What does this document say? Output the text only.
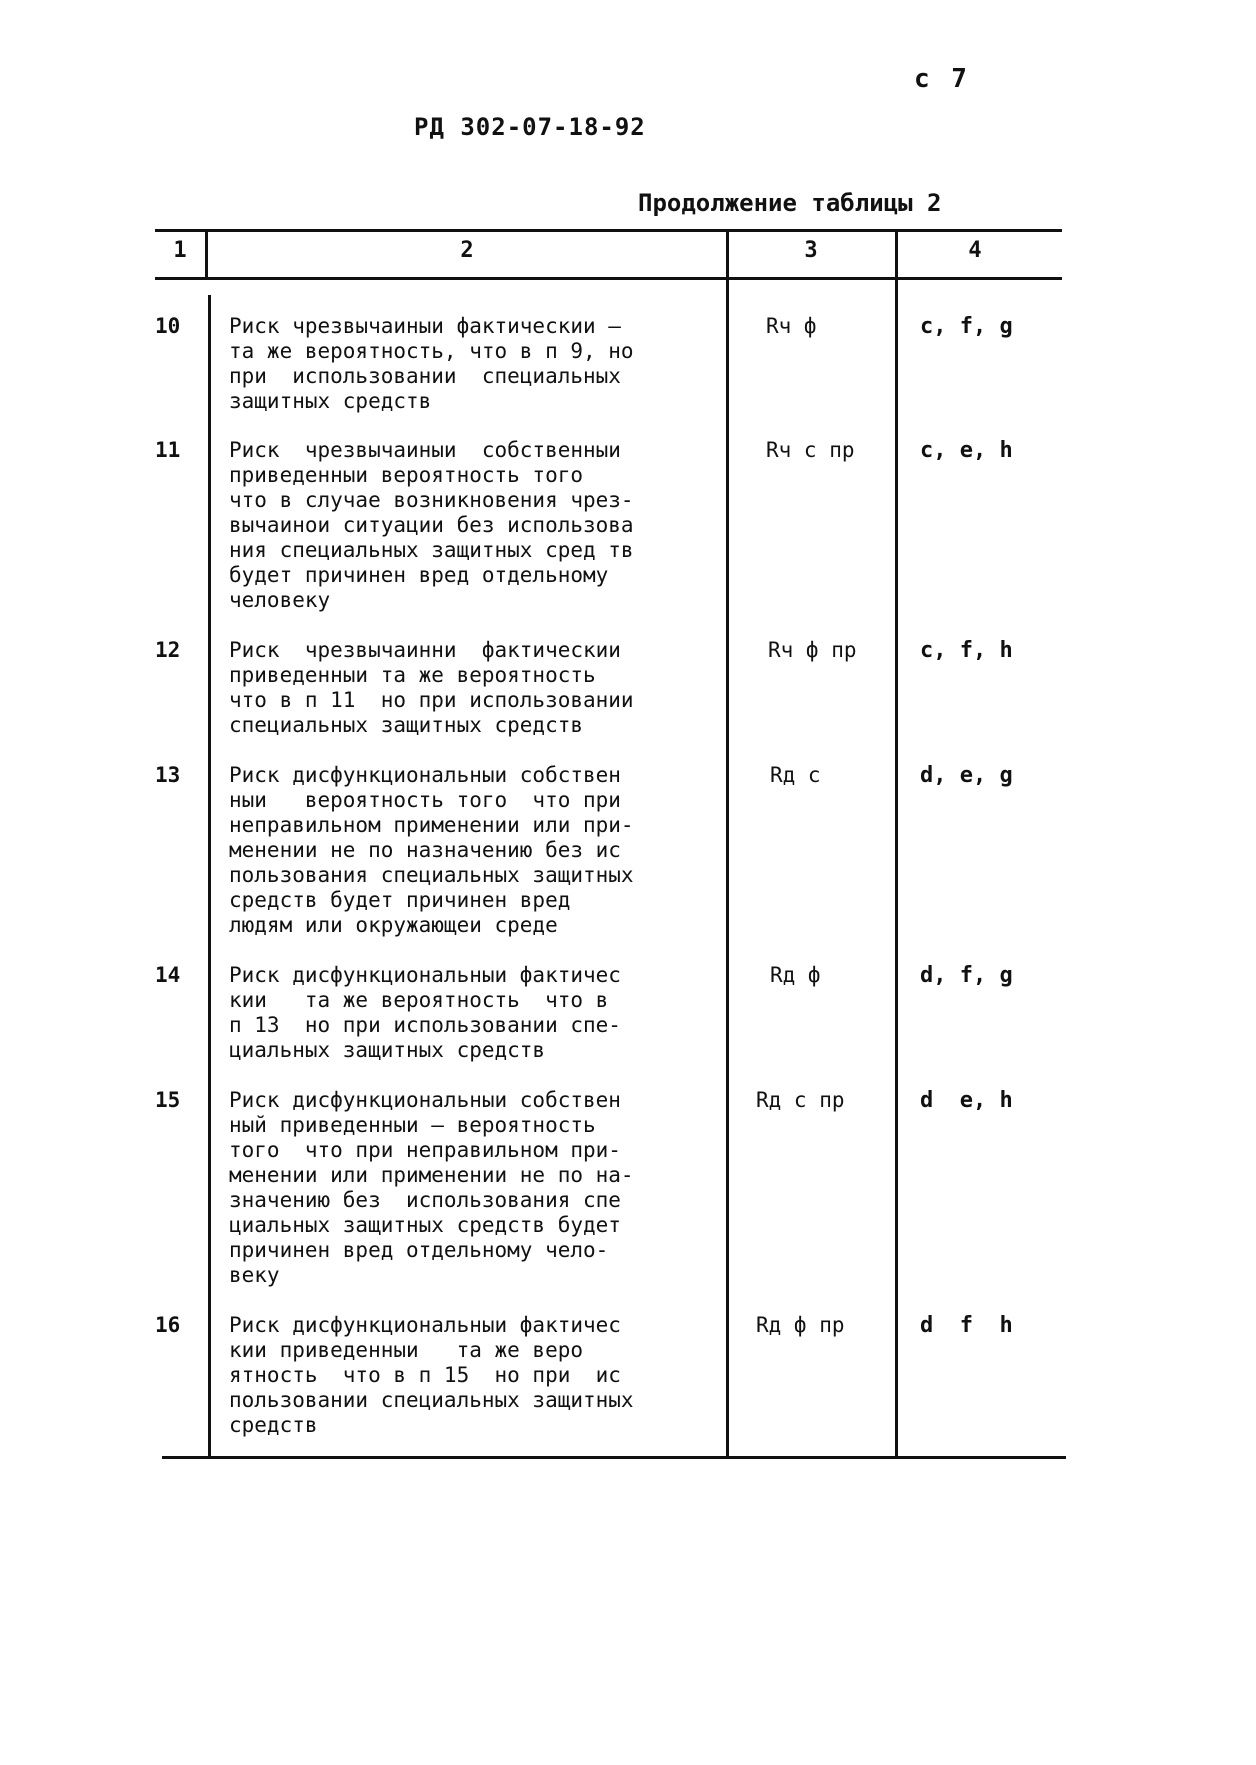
с 7
РД 302-07-18-92
Продолжение таблицы 2
1	2	3	4
10	Риск чрезвычаиныи фактическии –
та же вероятность, что в п 9, но
при  использовании  специальных
защитных средств
Rч ф	c, f, g
11	Риск  чрезвычаиныи  собственныи
приведенныи вероятность того
что в случае возникновения чрез-
вычаинои ситуации без использова
ния специальных защитных сред тв
будет причинен вред отдельному
человеку
Rч с пр	c, e, h
12	Риск  чрезвычаинни  фактическии
приведенныи та же вероятность
что в п 11  но при использовании
специальных защитных средств
Rч ф пр	c, f, h
13	Риск дисфункциональныи собствен
ныи   вероятность того  что при
неправильном применении или при-
менении не по назначению без ис
пользования специальных защитных
средств будет причинен вред
людям или окружающеи среде
Rд с	d, e, g
14	Риск дисфункциональныи фактичес
кии   та же вероятность  что в
п 13  но при использовании спе-
циальных защитных средств
Rд ф	d, f, g
15	Риск дисфункциональныи собствен
ный приведенныи – вероятность
того  что при неправильном при-
менении или применении не по на-
значению без  использования спе
циальных защитных средств будет
причинен вред отдельному чело-
веку
Rд с пр	d  e, h
16	Риск дисфункциональныи фактичес
кии приведенныи   та же веро
ятность  что в п 15  но при  ис
пользовании специальных защитных
средств
Rд ф пр	d  f  h
